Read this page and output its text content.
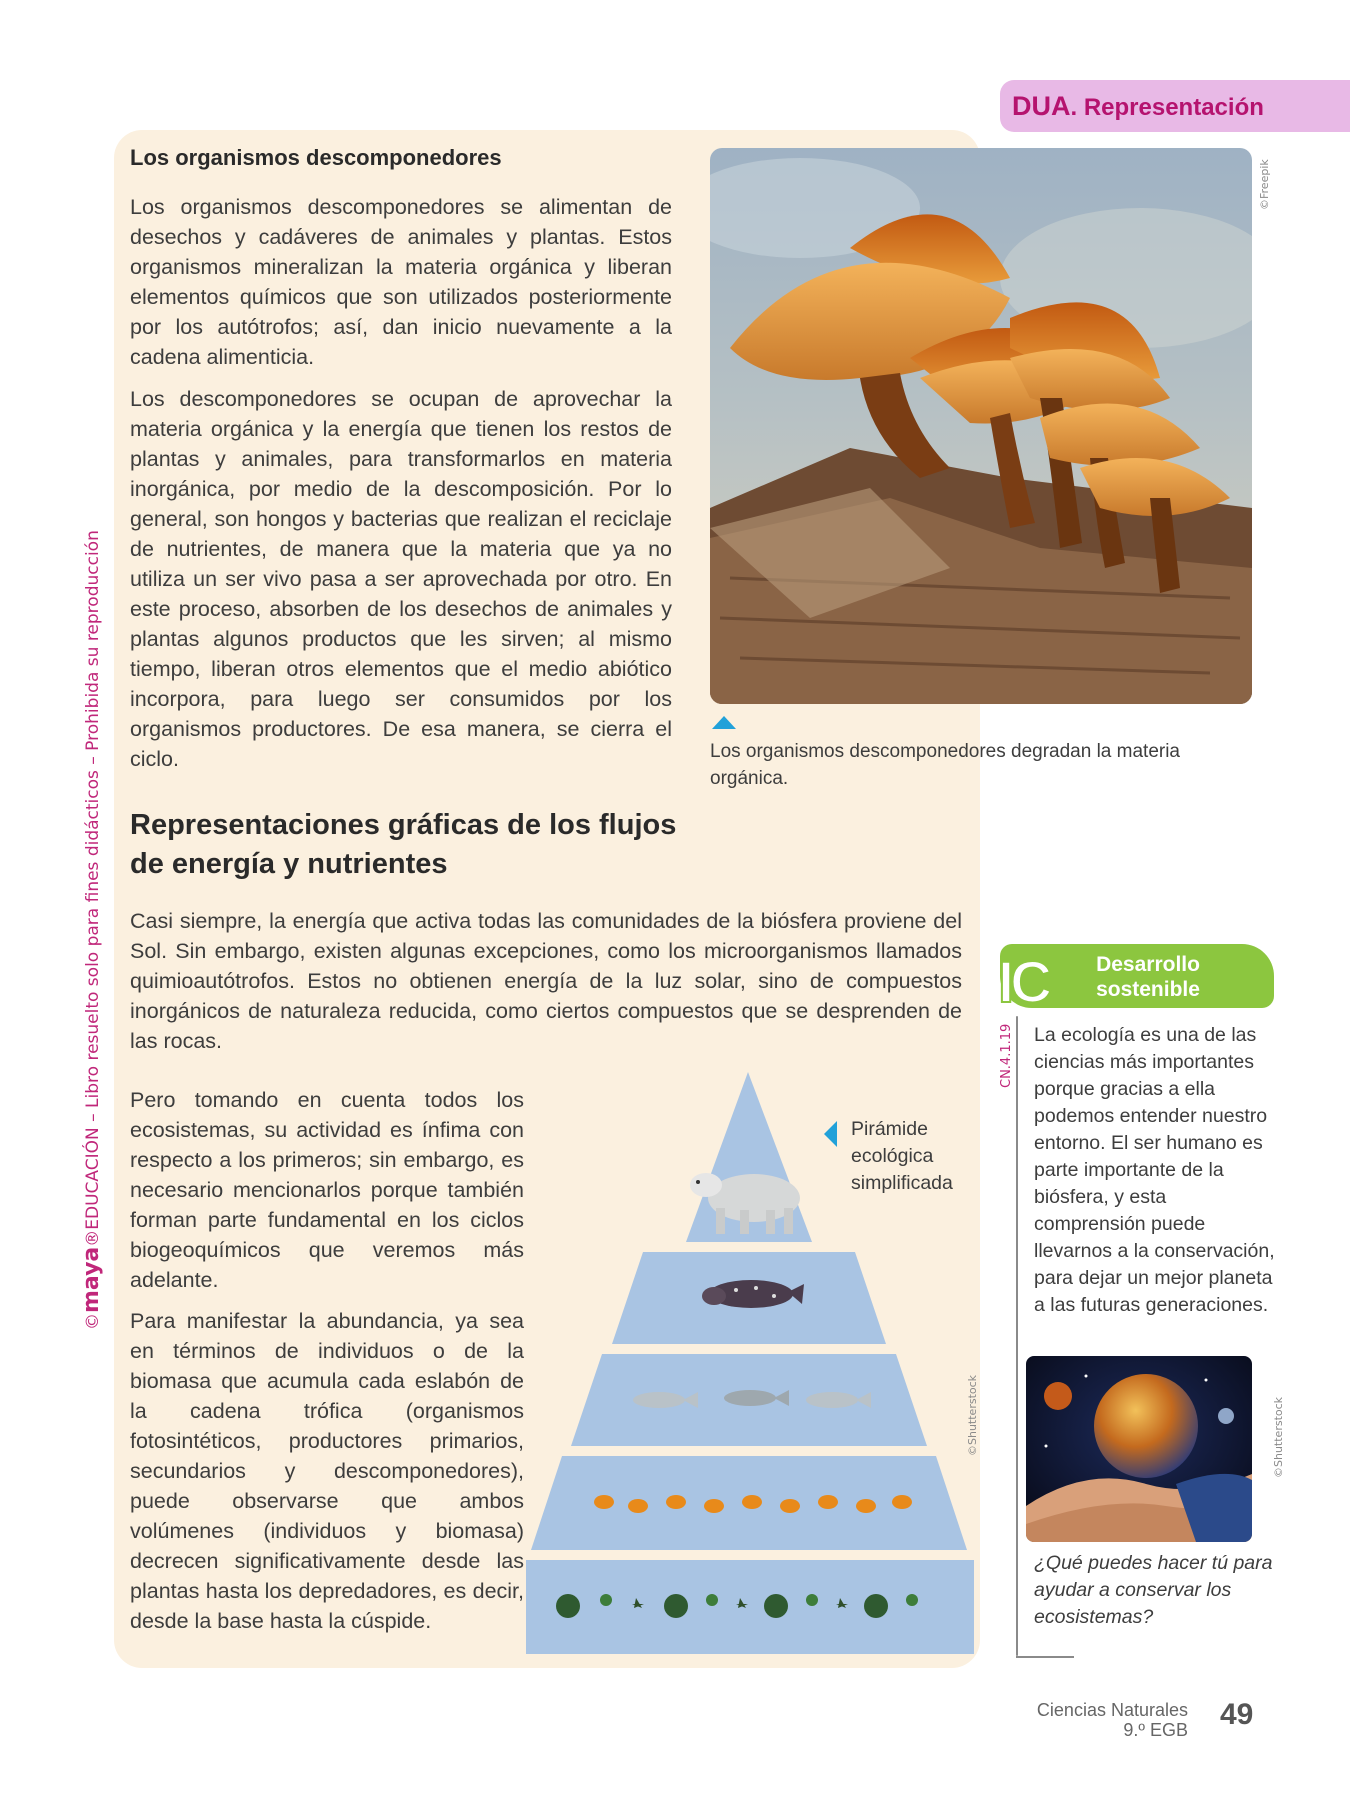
©maya®EDUCACIÓN – Libro resuelto solo para fines didácticos – Prohibida su reproducción
DUA. Representación
Los organismos descomponedores
Los organismos descomponedores se alimentan de desechos y cadáveres de animales y plantas. Estos organismos mineralizan la materia orgánica y liberan elementos químicos que son utilizados posteriormente por los autótrofos; así, dan inicio nuevamente a la cadena alimenticia.
Los descomponedores se ocupan de aprovechar la materia orgánica y la energía que tienen los restos de plantas y animales, para transformarlos en materia inorgánica, por medio de la descomposición. Por lo general, son hongos y bacterias que realizan el reciclaje de nutrientes, de manera que la materia que ya no utiliza un ser vivo pasa a ser aprovechada por otro. En este proceso, absorben de los desechos de animales y plantas algunos productos que les sirven; al mismo tiempo, liberan otros elementos que el medio abiótico incorpora, para luego ser consumidos por los organismos productores. De esa manera, se cierra el ciclo.
©Freepik
Los organismos descomponedores degradan la materia orgánica.
Representaciones gráficas de los flujos de energía y nutrientes
Casi siempre, la energía que activa todas las comunidades de la biósfera proviene del Sol. Sin embargo, existen algunas excepciones, como los microorganismos llamados quimioautótrofos. Estos no obtienen energía de la luz solar, sino de compuestos inorgánicos de naturaleza reducida, como ciertos compuestos que se desprenden de las rocas.
Pero tomando en cuenta todos los ecosistemas, su actividad es ínfima con respecto a los primeros; sin embargo, es necesario mencionarlos porque también forman parte fundamental en los ciclos biogeoquímicos que veremos más adelante.
Para manifestar la abundancia, ya sea en términos de individuos o de la biomasa que acumula cada eslabón de la cadena trófica (organismos fotosintéticos, productores primarios, secundarios y descomponedores), puede observarse que ambos volúmenes (individuos y biomasa) decrecen significativamente desde las plantas hasta los depredadores, es decir, desde la base hasta la cúspide.
Pirámide ecológica simplificada
©Shutterstock
IC	Desarrollo sostenible
CN.4.1.19 La ecología es una de las ciencias más importantes porque gracias a ella podemos entender nuestro entorno. El ser humano es parte importante de la biósfera, y esta comprensión puede llevarnos a la conservación, para dejar un mejor planeta a las futuras generaciones.
©Shutterstock
¿Qué puedes hacer tú para ayudar a conservar los ecosistemas?
Ciencias Naturales
9.º EGB 49
